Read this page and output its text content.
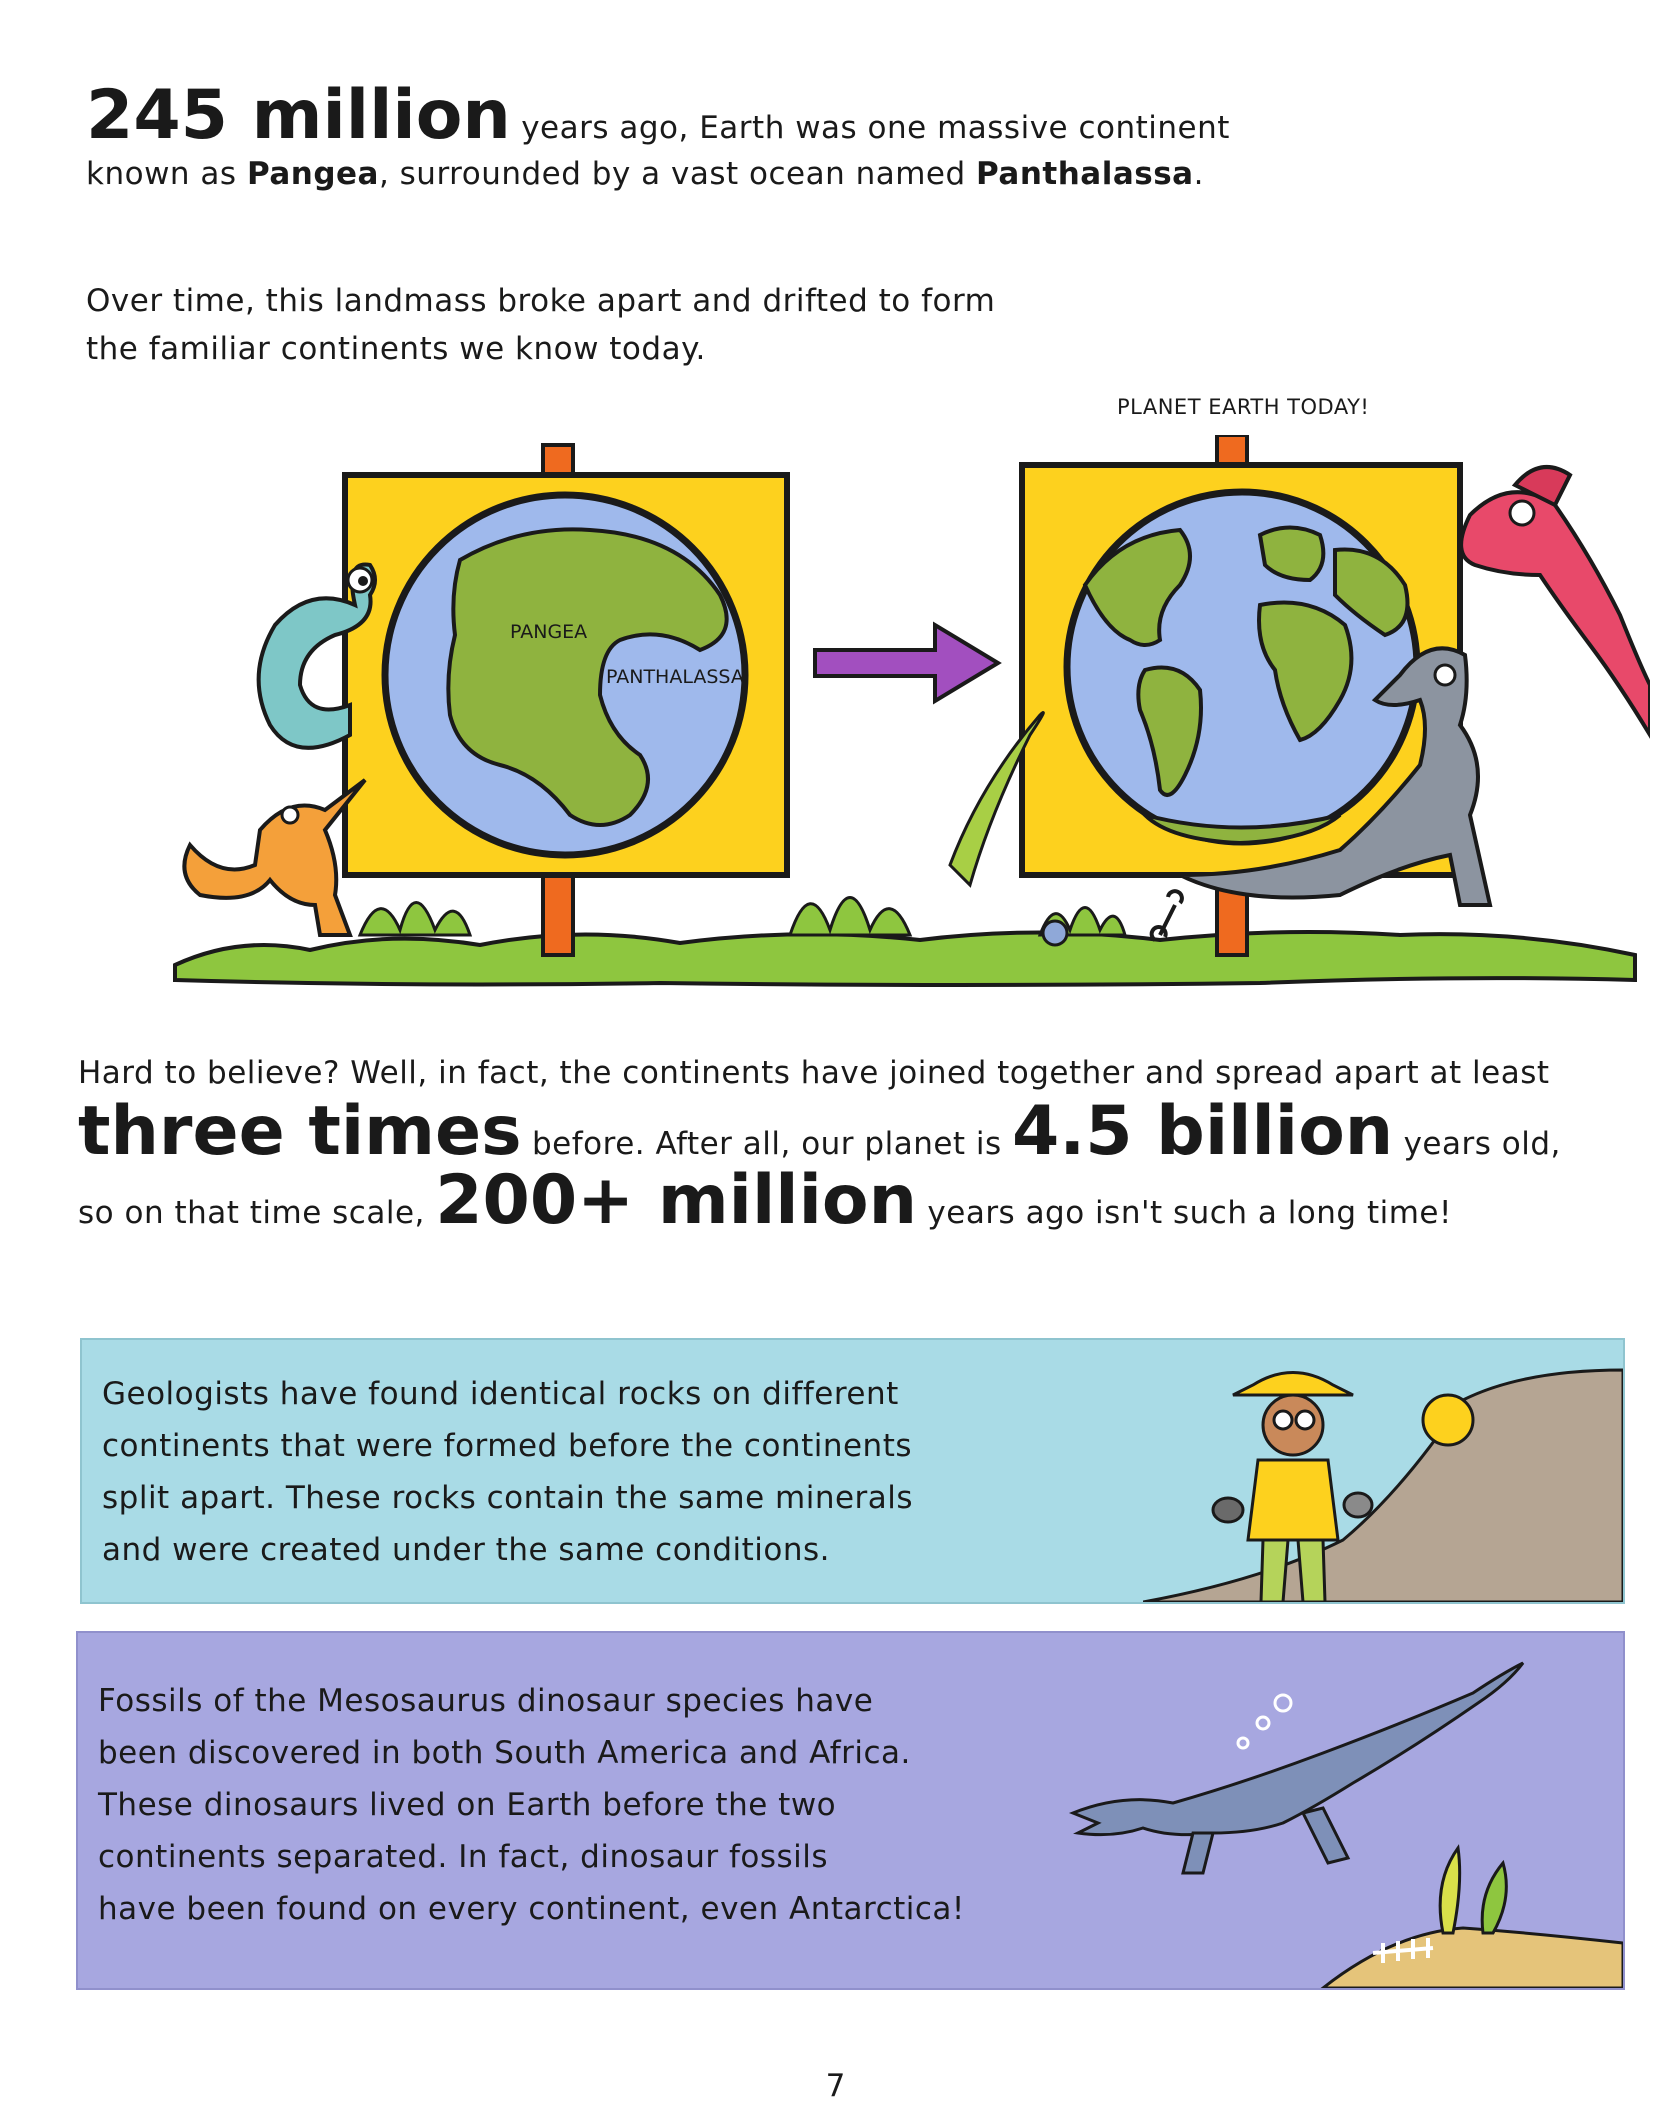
245 million years ago, Earth was one massive continent
known as Pangea, surrounded by a vast ocean named Panthalassa.
Over time, this landmass broke apart and drifted to form
the familiar continents we know today.
PLANET EARTH TODAY!
PANGEA
PANTHALASSA
Hard to believe? Well, in fact, the continents have joined together and spread apart at least
three times before. After all, our planet is 4.5 billion years old,
so on that time scale, 200+ million years ago isn't such a long time!
Geologists have found identical rocks on different
continents that were formed before the continents
split apart. These rocks contain the same minerals
and were created under the same conditions.
Fossils of the Mesosaurus dinosaur species have
been discovered in both South America and Africa.
These dinosaurs lived on Earth before the two
continents separated. In fact, dinosaur fossils
have been found on every continent, even Antarctica!
7
